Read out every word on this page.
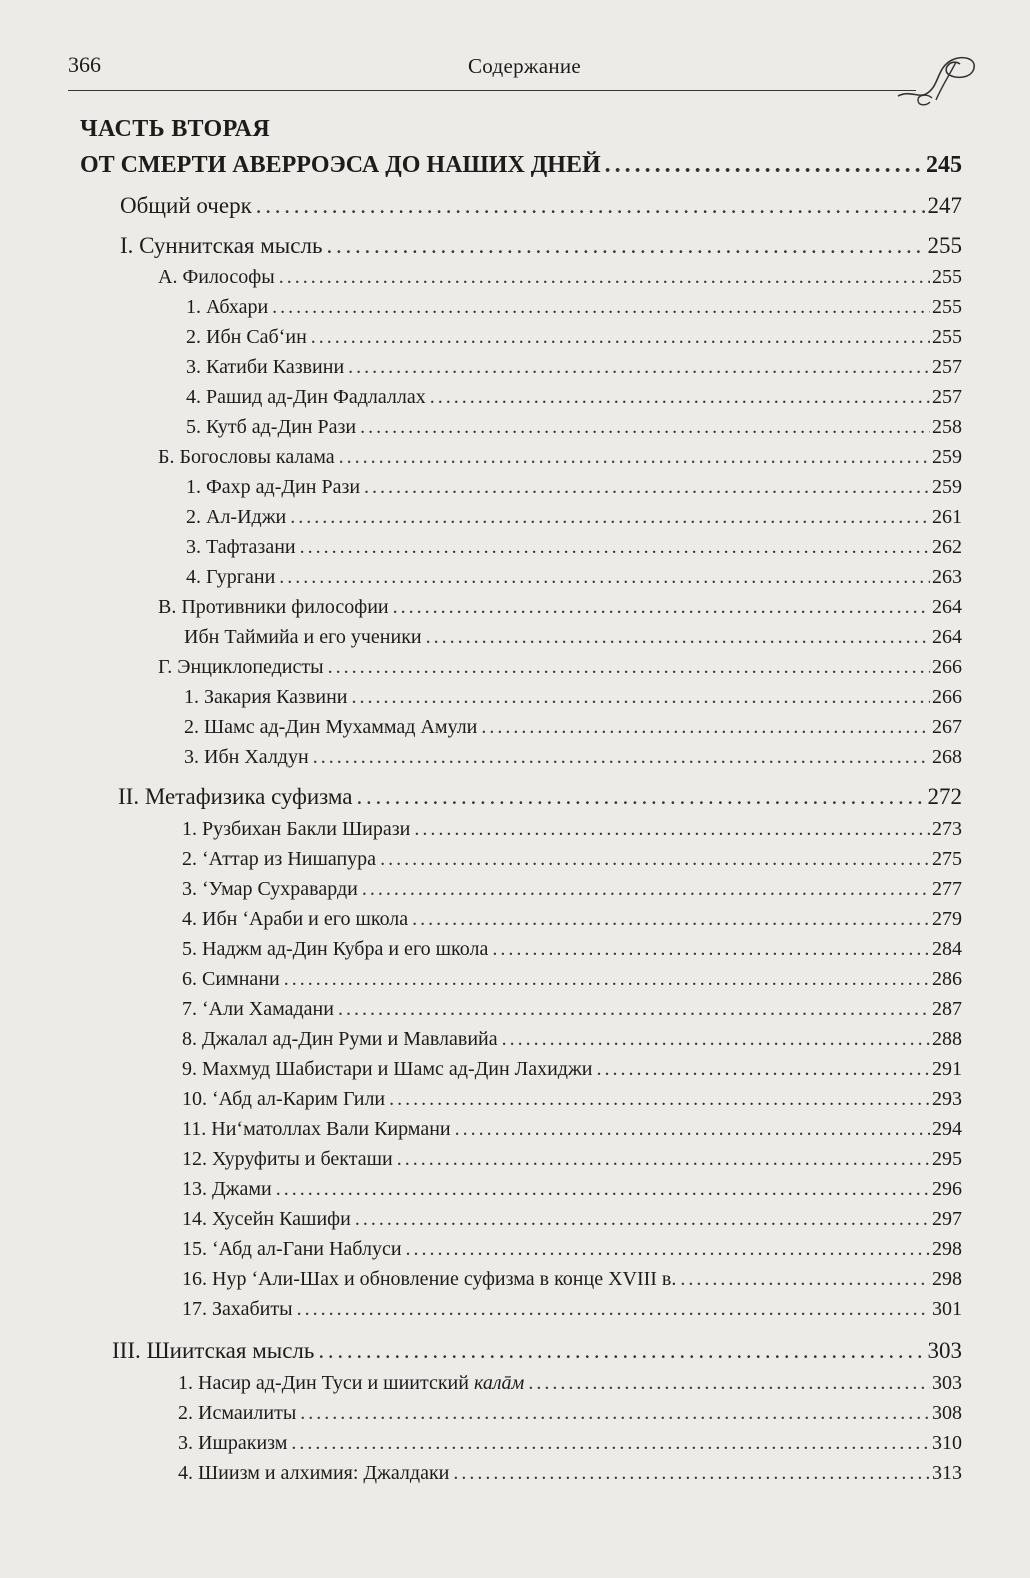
366	Содержание
ЧАСТЬ ВТОРАЯ
ОТ СМЕРТИ АВЕРРОЭСА ДО НАШИХ ДНЕЙ . . .	245
Общий очерк . . .	247
I. Суннитская мысль . . .	255
А. Философы . . .	255
1. Абхари . . .	255
2. Ибн Саб‘ин . . .	255
3. Катиби Казвини . . .	257
4. Рашид ад-Дин Фадлаллах . . .	257
5. Кутб ад-Дин Рази . . .	258
Б. Богословы калама . . .	259
1. Фахр ад-Дин Рази . . .	259
2. Ал-Иджи . . .	261
3. Тафтазани . . .	262
4. Гургани . . .	263
В. Противники философии . . .	264
Ибн Таймийа и его ученики . . .	264
Г. Энциклопедисты . . .	266
1. Закария Казвини . . .	266
2. Шамс ад-Дин Мухаммад Амули . . .	267
3. Ибн Халдун . . .	268
II. Метафизика суфизма . . .	272
1. Рузбихан Бакли Ширази . . .	273
2. ‘Аттар из Нишапура . . .	275
3. ‘Умар Сухраварди . . .	277
4. Ибн ‘Араби и его школа . . .	279
5. Наджм ад-Дин Кубра и его школа . . .	284
6. Симнани . . .	286
7. ‘Али Хамадани . . .	287
8. Джалал ад-Дин Руми и Мавлавийа . . .	288
9. Махмуд Шабистари и Шамс ад-Дин Лахиджи . . .	291
10. ‘Абд ал-Карим Гили . . .	293
11. Ни‘матоллах Вали Кирмани . . .	294
12. Хуруфиты и бекташи . . .	295
13. Джами . . .	296
14. Хусейн Кашифи . . .	297
15. ‘Абд ал-Гани Наблуси . . .	298
16. Нур ‘Али-Шах и обновление суфизма в конце XVIII в. . . .	298
17. Захабиты . . .	301
III. Шиитская мысль . . .	303
1. Насир ад-Дин Туси и шиитский калāм . . .	303
2. Исмаилиты . . .	308
3. Ишракизм . . .	310
4. Шиизм и алхимия: Джалдаки . . .	313
